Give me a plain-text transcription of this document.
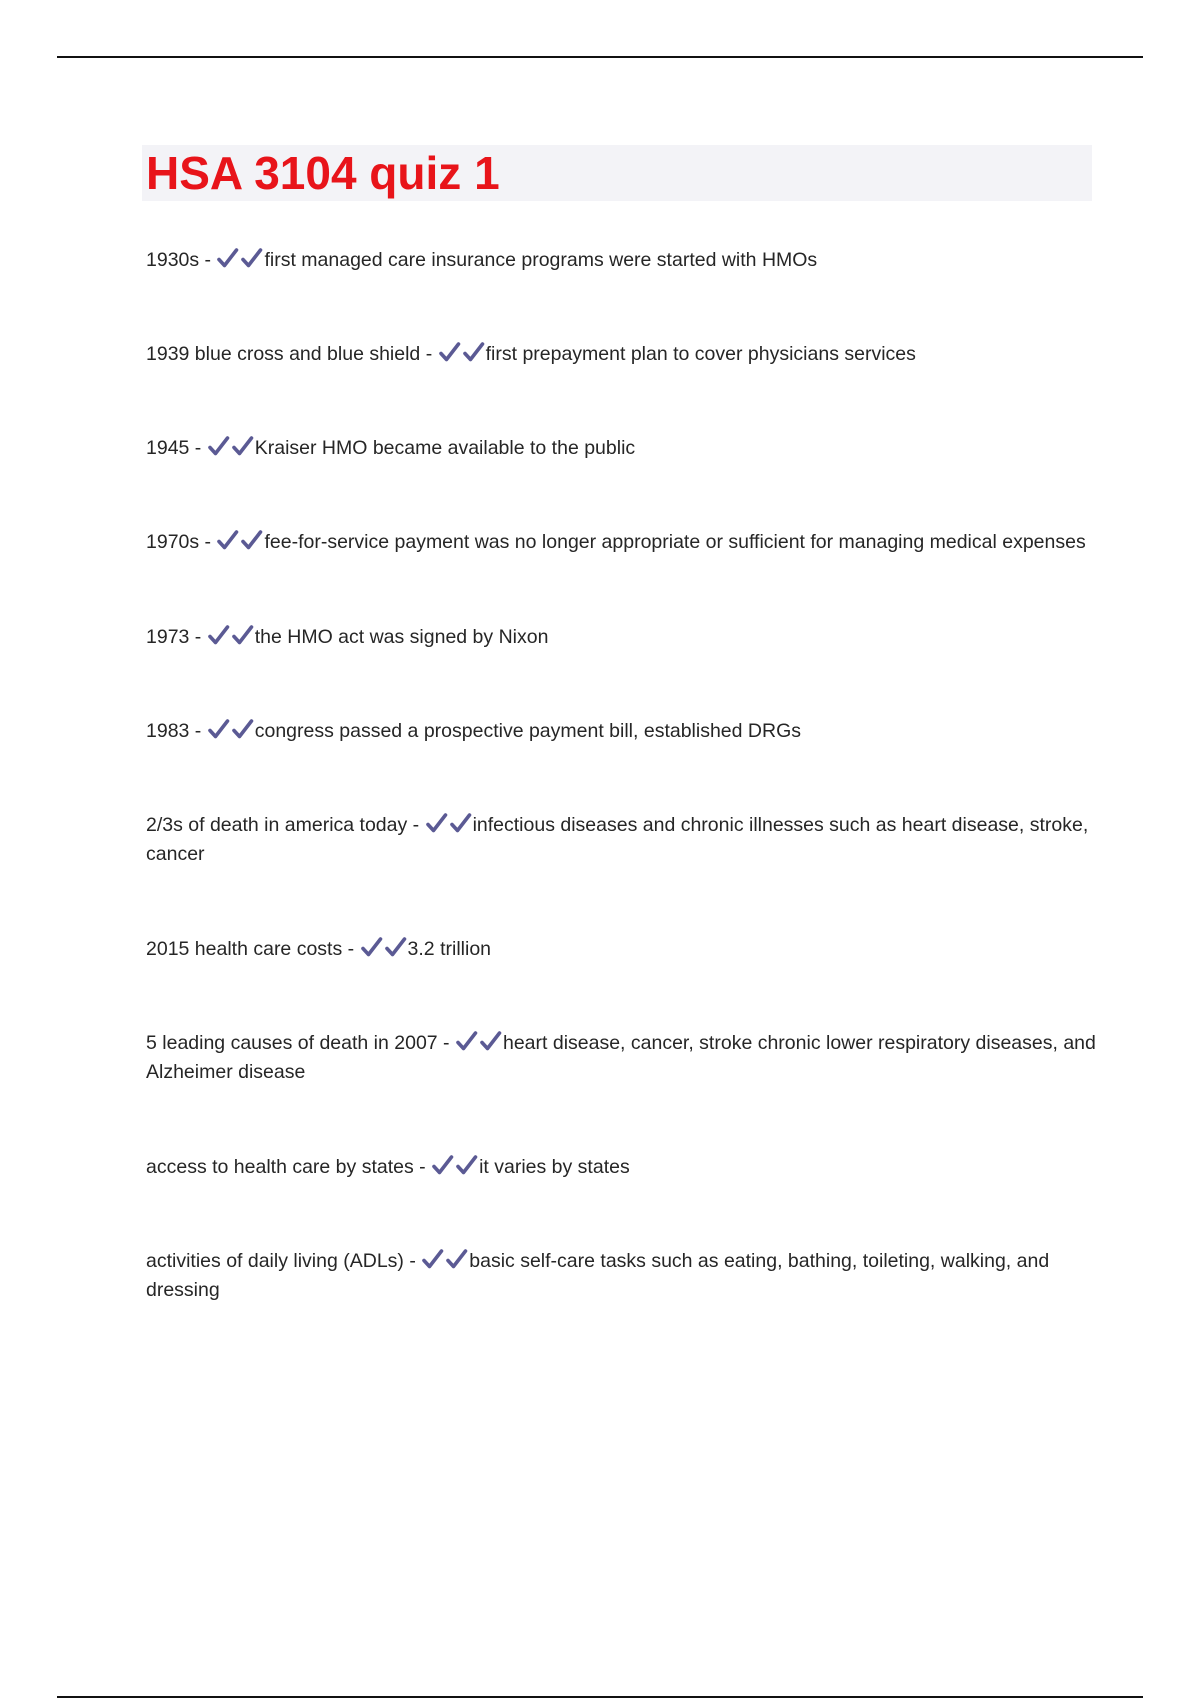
HSA 3104 quiz 1
1930s -	first managed care insurance programs were started with HMOs
1939 blue cross and blue shield -	first prepayment plan to cover physicians services
1945 -	Kraiser HMO became available to the public
1970s -	fee-for-service payment was no longer appropriate or sufficient for managing medical expenses
1973 -	the HMO act was signed by Nixon
1983 -	congress passed a prospective payment bill, established DRGs
2/3s of death in america today -	infectious diseases and chronic illnesses such as heart disease, stroke, cancer
2015 health care costs -	3.2 trillion
5 leading causes of death in 2007 -	heart disease, cancer, stroke chronic lower respiratory diseases, and Alzheimer disease
access to health care by states -	it varies by states
activities of daily living (ADLs) -	basic self-care tasks such as eating, bathing, toileting, walking, and dressing
